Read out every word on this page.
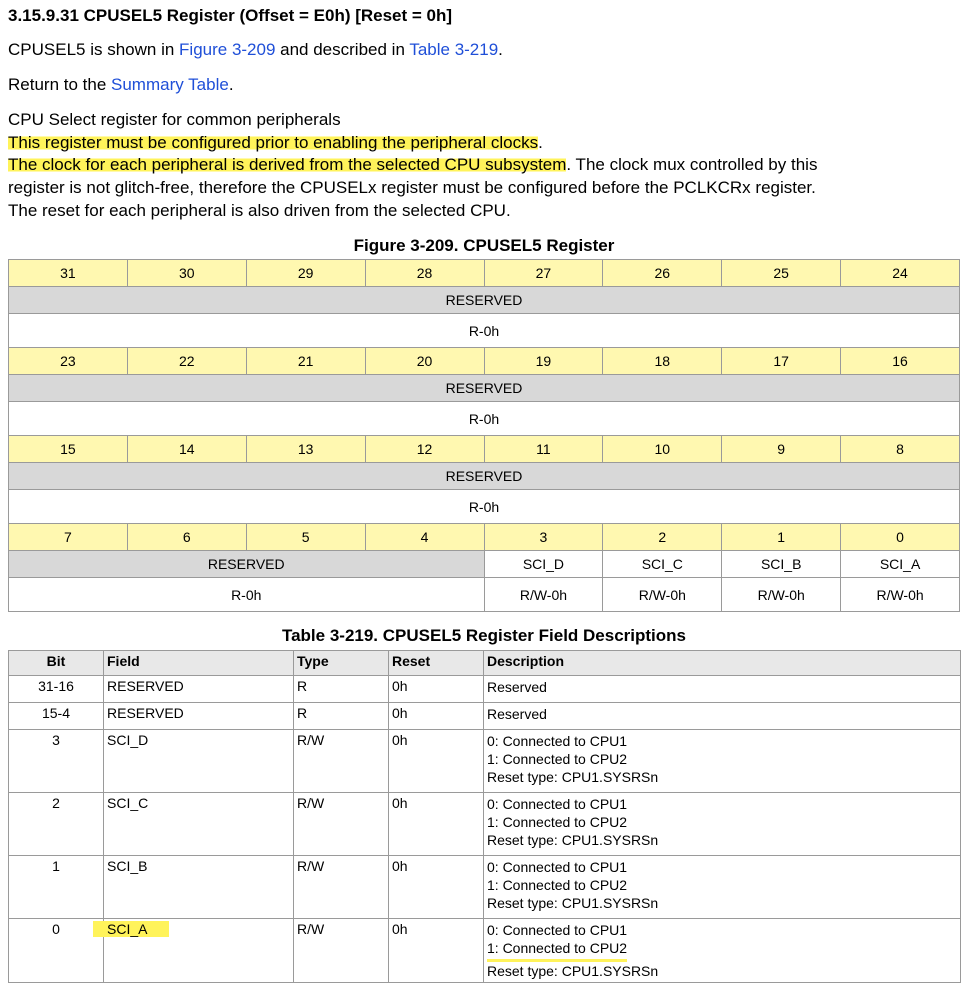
3.15.9.31 CPUSEL5 Register (Offset = E0h) [Reset = 0h]
CPUSEL5 is shown in Figure 3-209 and described in Table 3-219.
Return to the Summary Table.
CPU Select register for common peripherals
This register must be configured prior to enabling the peripheral clocks.
The clock for each peripheral is derived from the selected CPU subsystem. The clock mux controlled by this
register is not glitch-free, therefore the CPUSELx register must be configured before the PCLKCRx register.
The reset for each peripheral is also driven from the selected CPU.
Figure 3-209. CPUSEL5 Register
31	30	29	28	27	26	25	24
RESERVED							
R-0h							
23	22	21	20	19	18	17	16
RESERVED							
R-0h							
15	14	13	12	11	10	9	8
RESERVED							
R-0h							
7	6	5	4	3	2	1	0
RESERVED				SCI_D	SCI_C	SCI_B	SCI_A
R-0h				R/W-0h	R/W-0h	R/W-0h	R/W-0h
Table 3-219. CPUSEL5 Register Field Descriptions
Bit	Field	Type	Reset	Description
31-16	RESERVED	R	0h	Reserved

15-4	RESERVED	R	0h	Reserved

3	SCI_D	R/W	0h	0: Connected to CPU1
1: Connected to CPU2
Reset type: CPU1.SYSRSn

2	SCI_C	R/W	0h	0: Connected to CPU1
1: Connected to CPU2
Reset type: CPU1.SYSRSn

1	SCI_B	R/W	0h	0: Connected to CPU1
1: Connected to CPU2
Reset type: CPU1.SYSRSn

0	SCI_A	R/W	0h	0: Connected to CPU1
1: Connected to CPU2
Reset type: CPU1.SYSRSn
